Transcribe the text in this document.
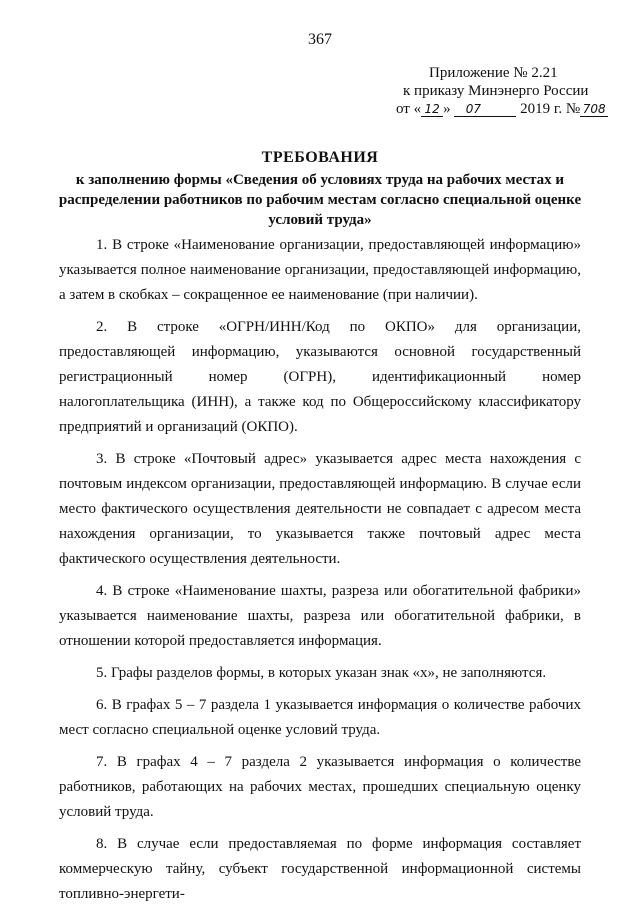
367
Приложение № 2.21
к приказу Минэнерго России
от « 12 » 07	2019 г. № 708
ТРЕБОВАНИЯ
к заполнению формы «Сведения об условиях труда на рабочих местах и распределении работников по рабочим местам согласно специальной оценке условий труда»

1. В строке «Наименование организации, предоставляющей информацию» указывается полное наименование организации, предоставляющей информацию, а затем в скобках – сокращенное ее наименование (при наличии).

2. В строке «ОГРН/ИНН/Код по ОКПО» для организации, предоставляющей информацию, указываются основной государственный регистрационный номер (ОГРН), идентификационный номер налогоплательщика (ИНН), а также код по Общероссийскому классификатору предприятий и организаций (ОКПО).

3. В строке «Почтовый адрес» указывается адрес места нахождения с почтовым индексом организации, предоставляющей информацию. В случае если место фактического осуществления деятельности не совпадает с адресом места нахождения организации, то указывается также почтовый адрес места фактического осуществления деятельности.

4. В строке «Наименование шахты, разреза или обогатительной фабрики» указывается наименование шахты, разреза или обогатительной фабрики, в отношении которой предоставляется информация.

5. Графы разделов формы, в которых указан знак «х», не заполняются.

6. В графах 5 – 7 раздела 1 указывается информация о количестве рабочих мест согласно специальной оценке условий труда.

7. В графах 4 – 7 раздела 2 указывается информация о количестве работников, работающих на рабочих местах, прошедших специальную оценку условий труда.

8. В случае если предоставляемая по форме информация составляет коммерческую тайну, субъект государственной информационной системы топливно-энергети-
